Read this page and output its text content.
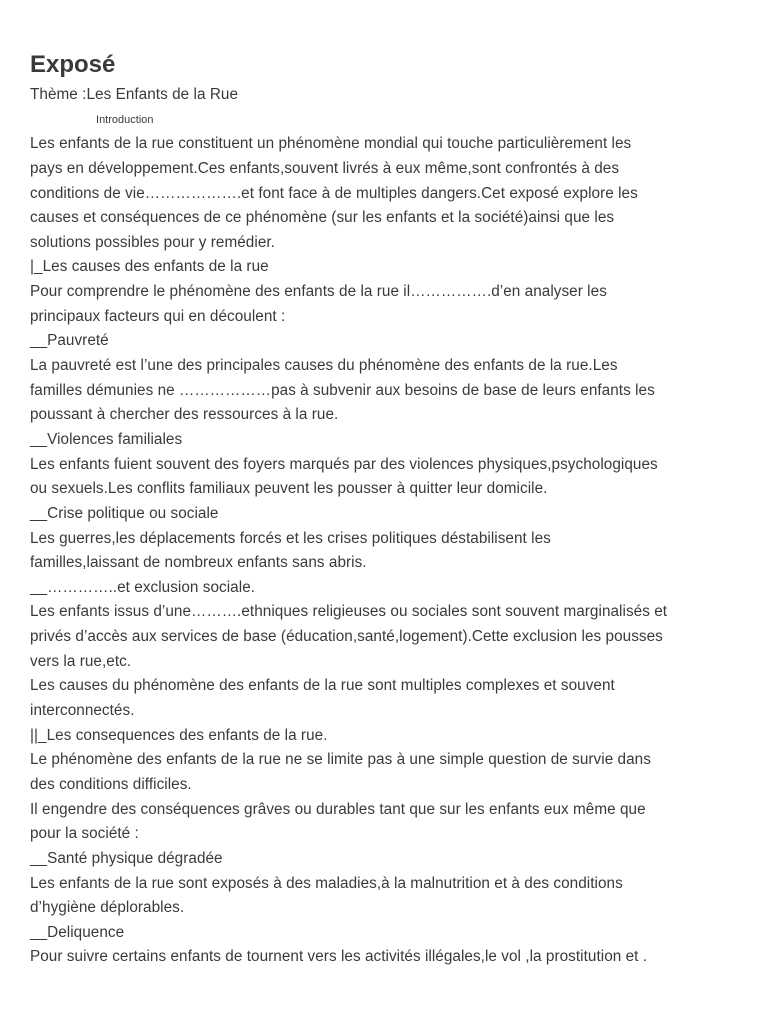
Exposé
Thème :Les Enfants de la Rue
Introduction
Les enfants de la rue constituent un phénomène mondial qui touche particulièrement les
pays en développement.Ces enfants,souvent livrés à eux même,sont confrontés à des
conditions de vie……………….et font face à de multiples dangers.Cet exposé explore les
causes et conséquences de ce phénomène (sur les enfants et la société)ainsi que les
solutions possibles pour y remédier.
|_Les causes des enfants de la rue
Pour comprendre le phénomène des enfants de la rue il…………….d’en analyser les
principaux facteurs qui en découlent :
__Pauvreté
La pauvreté est l’une des principales causes du phénomène des enfants de la rue.Les
familles démunies ne ………………pas à subvenir aux besoins de base de leurs enfants les
poussant à chercher des ressources à la rue.
__Violences familiales
Les enfants fuient souvent des foyers marqués par des violences physiques,psychologiques
ou sexuels.Les conflits familiaux peuvent les pousser à quitter leur domicile.
__Crise politique ou sociale
Les guerres,les déplacements forcés et les crises politiques déstabilisent les
familles,laissant de nombreux enfants sans abris.
__…………..et exclusion sociale.
Les enfants issus d’une……….ethniques religieuses ou sociales sont souvent marginalisés et
privés d’accès aux services de base (éducation,santé,logement).Cette exclusion les pousses
vers la rue,etc.
Les causes du phénomène des enfants de la rue sont multiples complexes et souvent
interconnectés.
||_Les consequences des enfants de la rue.
Le phénomène des enfants de la rue ne se limite pas à une simple question de survie dans
des conditions difficiles.
Il engendre des conséquences grâves ou durables tant que sur les enfants eux même que
pour la société :
__Santé physique dégradée
Les enfants de la rue sont exposés à des maladies,à la malnutrition et à des conditions
d’hygiène déplorables.
__Deliquence
Pour suivre certains enfants de tournent vers les activités illégales,le vol ,la prostitution et .
